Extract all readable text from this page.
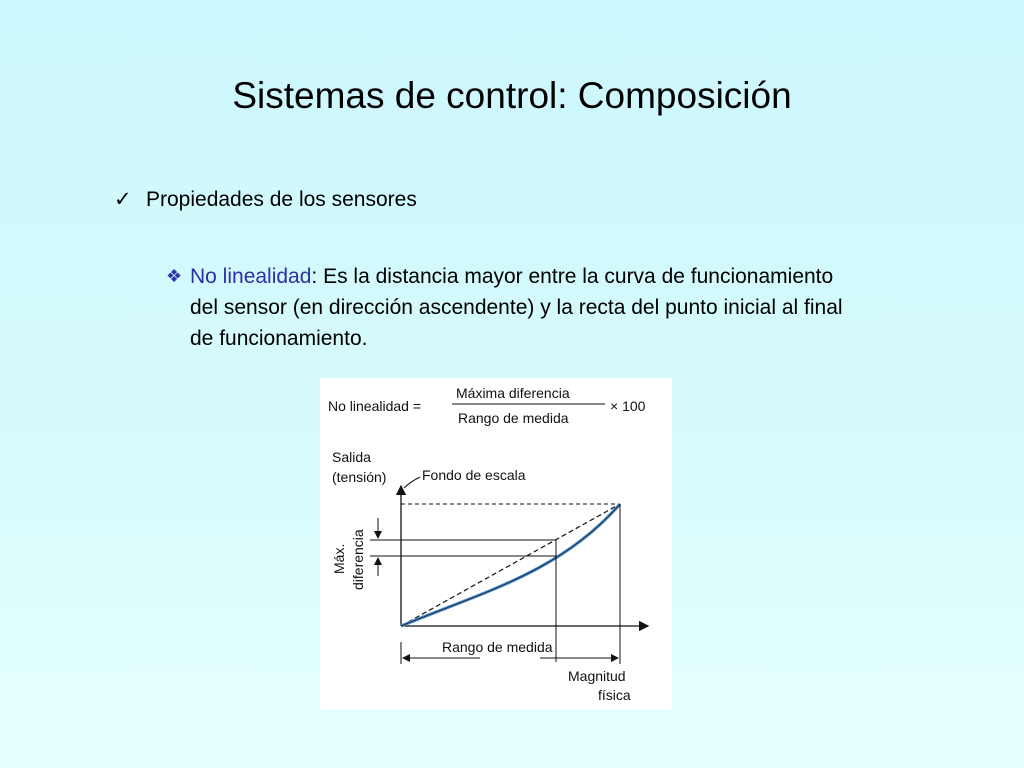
Sistemas de control: Composición
✓ Propiedades de los sensores
❖ No linealidad: Es la distancia mayor entre la curva de funcionamiento del sensor (en dirección ascendente) y la recta del punto inicial al final de funcionamiento.
No linealidad =
Máxima diferencia
Rango de medida
× 100
Salida
(tensión)	Fondo de escala
Máx. diferencia
Rango de medida
Magnitud
física
